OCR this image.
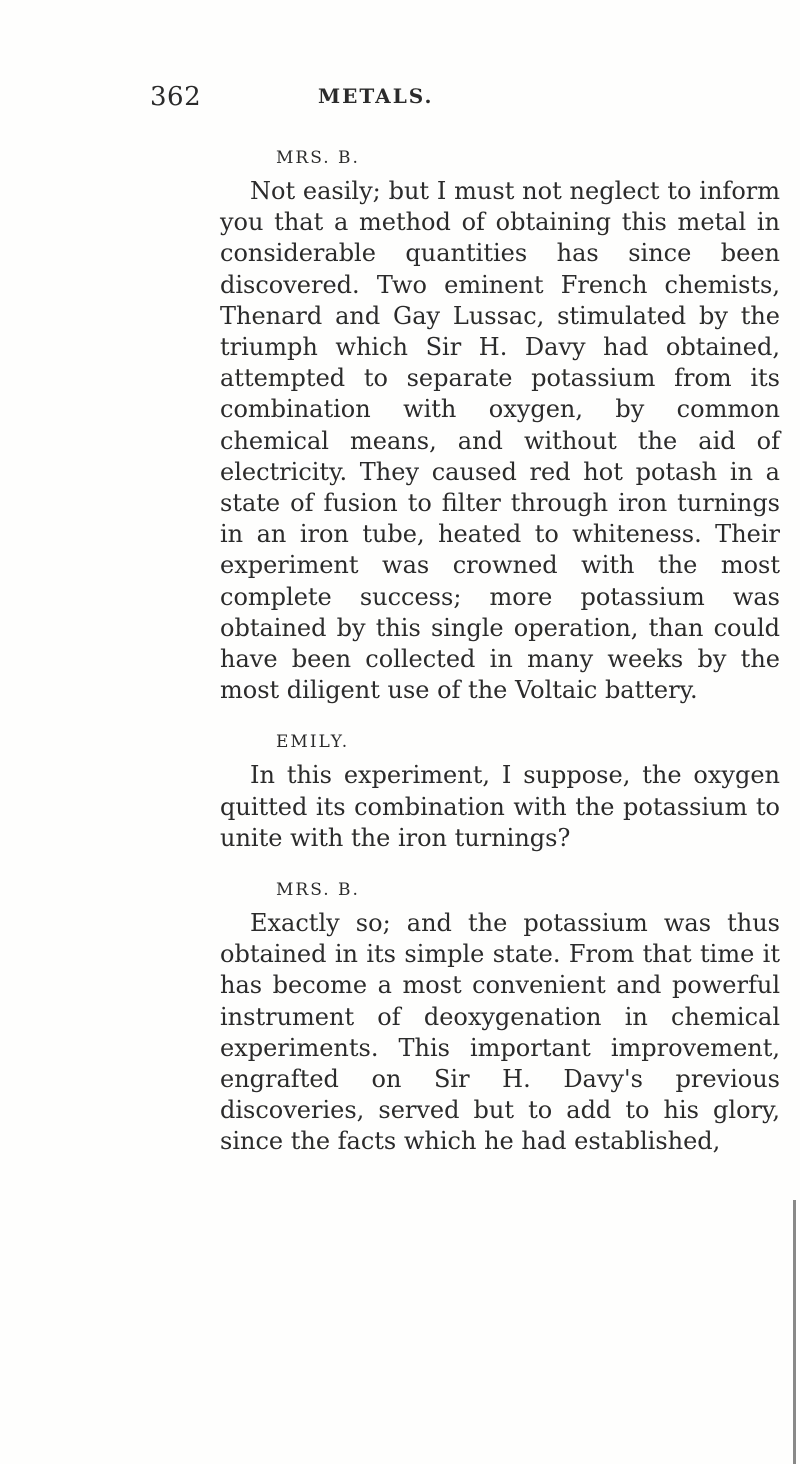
362	METALS.
MRS. B.

Not easily; but I must not neglect to inform you that a method of obtaining this metal in considerable quantities has since been discovered. Two eminent French chemists, Thenard and Gay Lussac, stimulated by the triumph which Sir H. Davy had obtained, attempted to separate potassium from its combination with oxygen, by common chemical means, and without the aid of electricity. They caused red hot potash in a state of fusion to filter through iron turnings in an iron tube, heated to whiteness. Their experiment was crowned with the most complete success; more potassium was obtained by this single operation, than could have been collected in many weeks by the most diligent use of the Voltaic battery.

EMILY.

In this experiment, I suppose, the oxygen quitted its combination with the potassium to unite with the iron turnings?

MRS. B.

Exactly so; and the potassium was thus obtained in its simple state. From that time it has become a most convenient and powerful instrument of deoxygenation in chemical experiments. This important improvement, engrafted on Sir H. Davy's previous discoveries, served but to add to his glory, since the facts which he had established,
